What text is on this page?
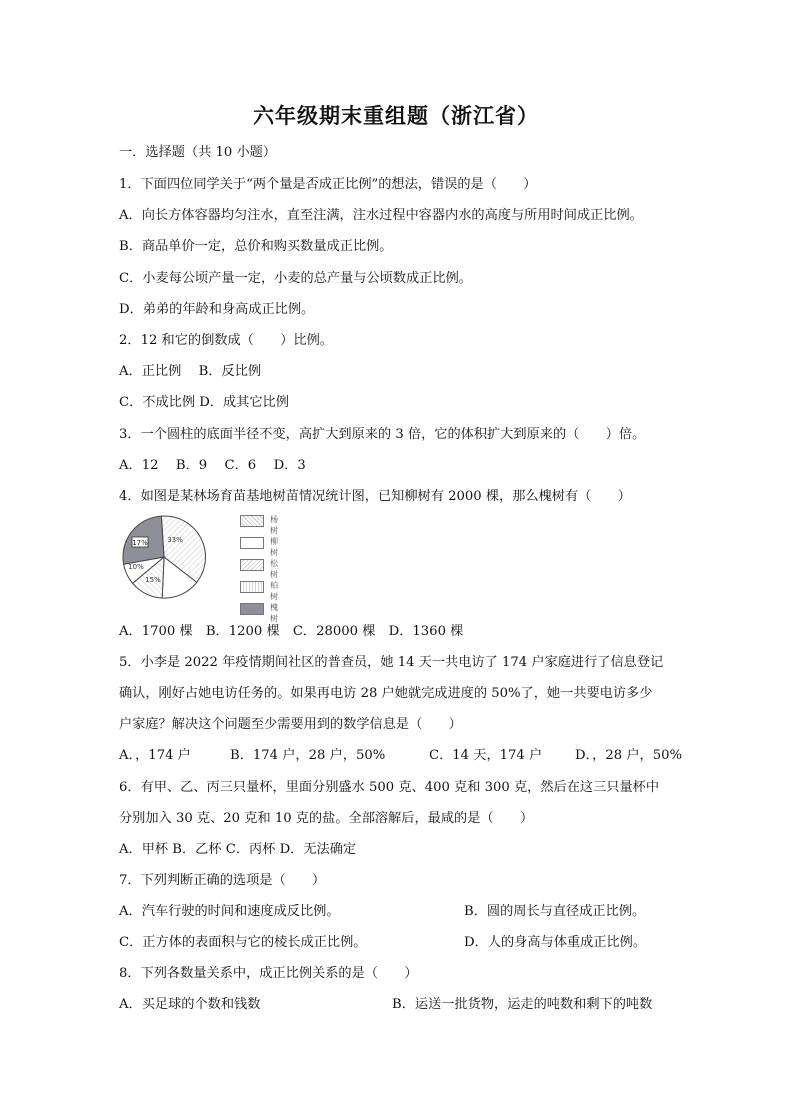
六年级期末重组题（浙江省）
一．选择题（共 10 小题）
1．下面四位同学关于“两个量是否成正比例”的想法，错误的是（　　）
A．向长方体容器均匀注水，直至注满，注水过程中容器内水的高度与所用时间成正比例。
B．商品单价一定，总价和购买数量成正比例。
C．小麦每公顷产量一定，小麦的总产量与公顷数成正比例。
D．弟弟的年龄和身高成正比例。
2．12 和它的倒数成（　　）比例。
A．正比例　 B．反比例
C．不成比例 D．成其它比例
3．一个圆柱的底面半径不变，高扩大到原来的 3 倍，它的体积扩大到原来的（　　）倍。
A．12　 B．9　 C．6　 D．3
4．如图是某林场育苗基地树苗情况统计图，已知柳树有 2000 棵，那么槐树有（　　）
17%	33%
10%
15%
杨树
柳树
松树
柏树
槐树
A．1700 棵　B．1200 棵　C．28000 棵　D．1360 棵
5．小李是 2022 年疫情期间社区的普查员，她 14 天一共电访了 174 户家庭进行了信息登记
确认，刚好占她电访任务的。如果再电访 28 户她就完成进度的 50%了，她一共要电访多少
户家庭？解决这个问题至少需要用到的数学信息是（　　）
A．，174 户	B．174 户，28 户，50%	C．14 天，174 户 D．，28 户，50%
6．有甲、乙、丙三只量杯，里面分别盛水 500 克、400 克和 300 克，然后在这三只量杯中
分别加入 30 克、20 克和 10 克的盐。全部溶解后，最咸的是（　　）
A．甲杯 B．乙杯 C．丙杯 D．无法确定
7．下列判断正确的选项是（　　）
A．汽车行驶的时间和速度成反比例。	B．圆的周长与直径成正比例。
C．正方体的表面积与它的棱长成正比例。	D．人的身高与体重成正比例。
8．下列各数量关系中，成正比例关系的是（　　）
A．买足球的个数和钱数	B．运送一批货物，运走的吨数和剩下的吨数
